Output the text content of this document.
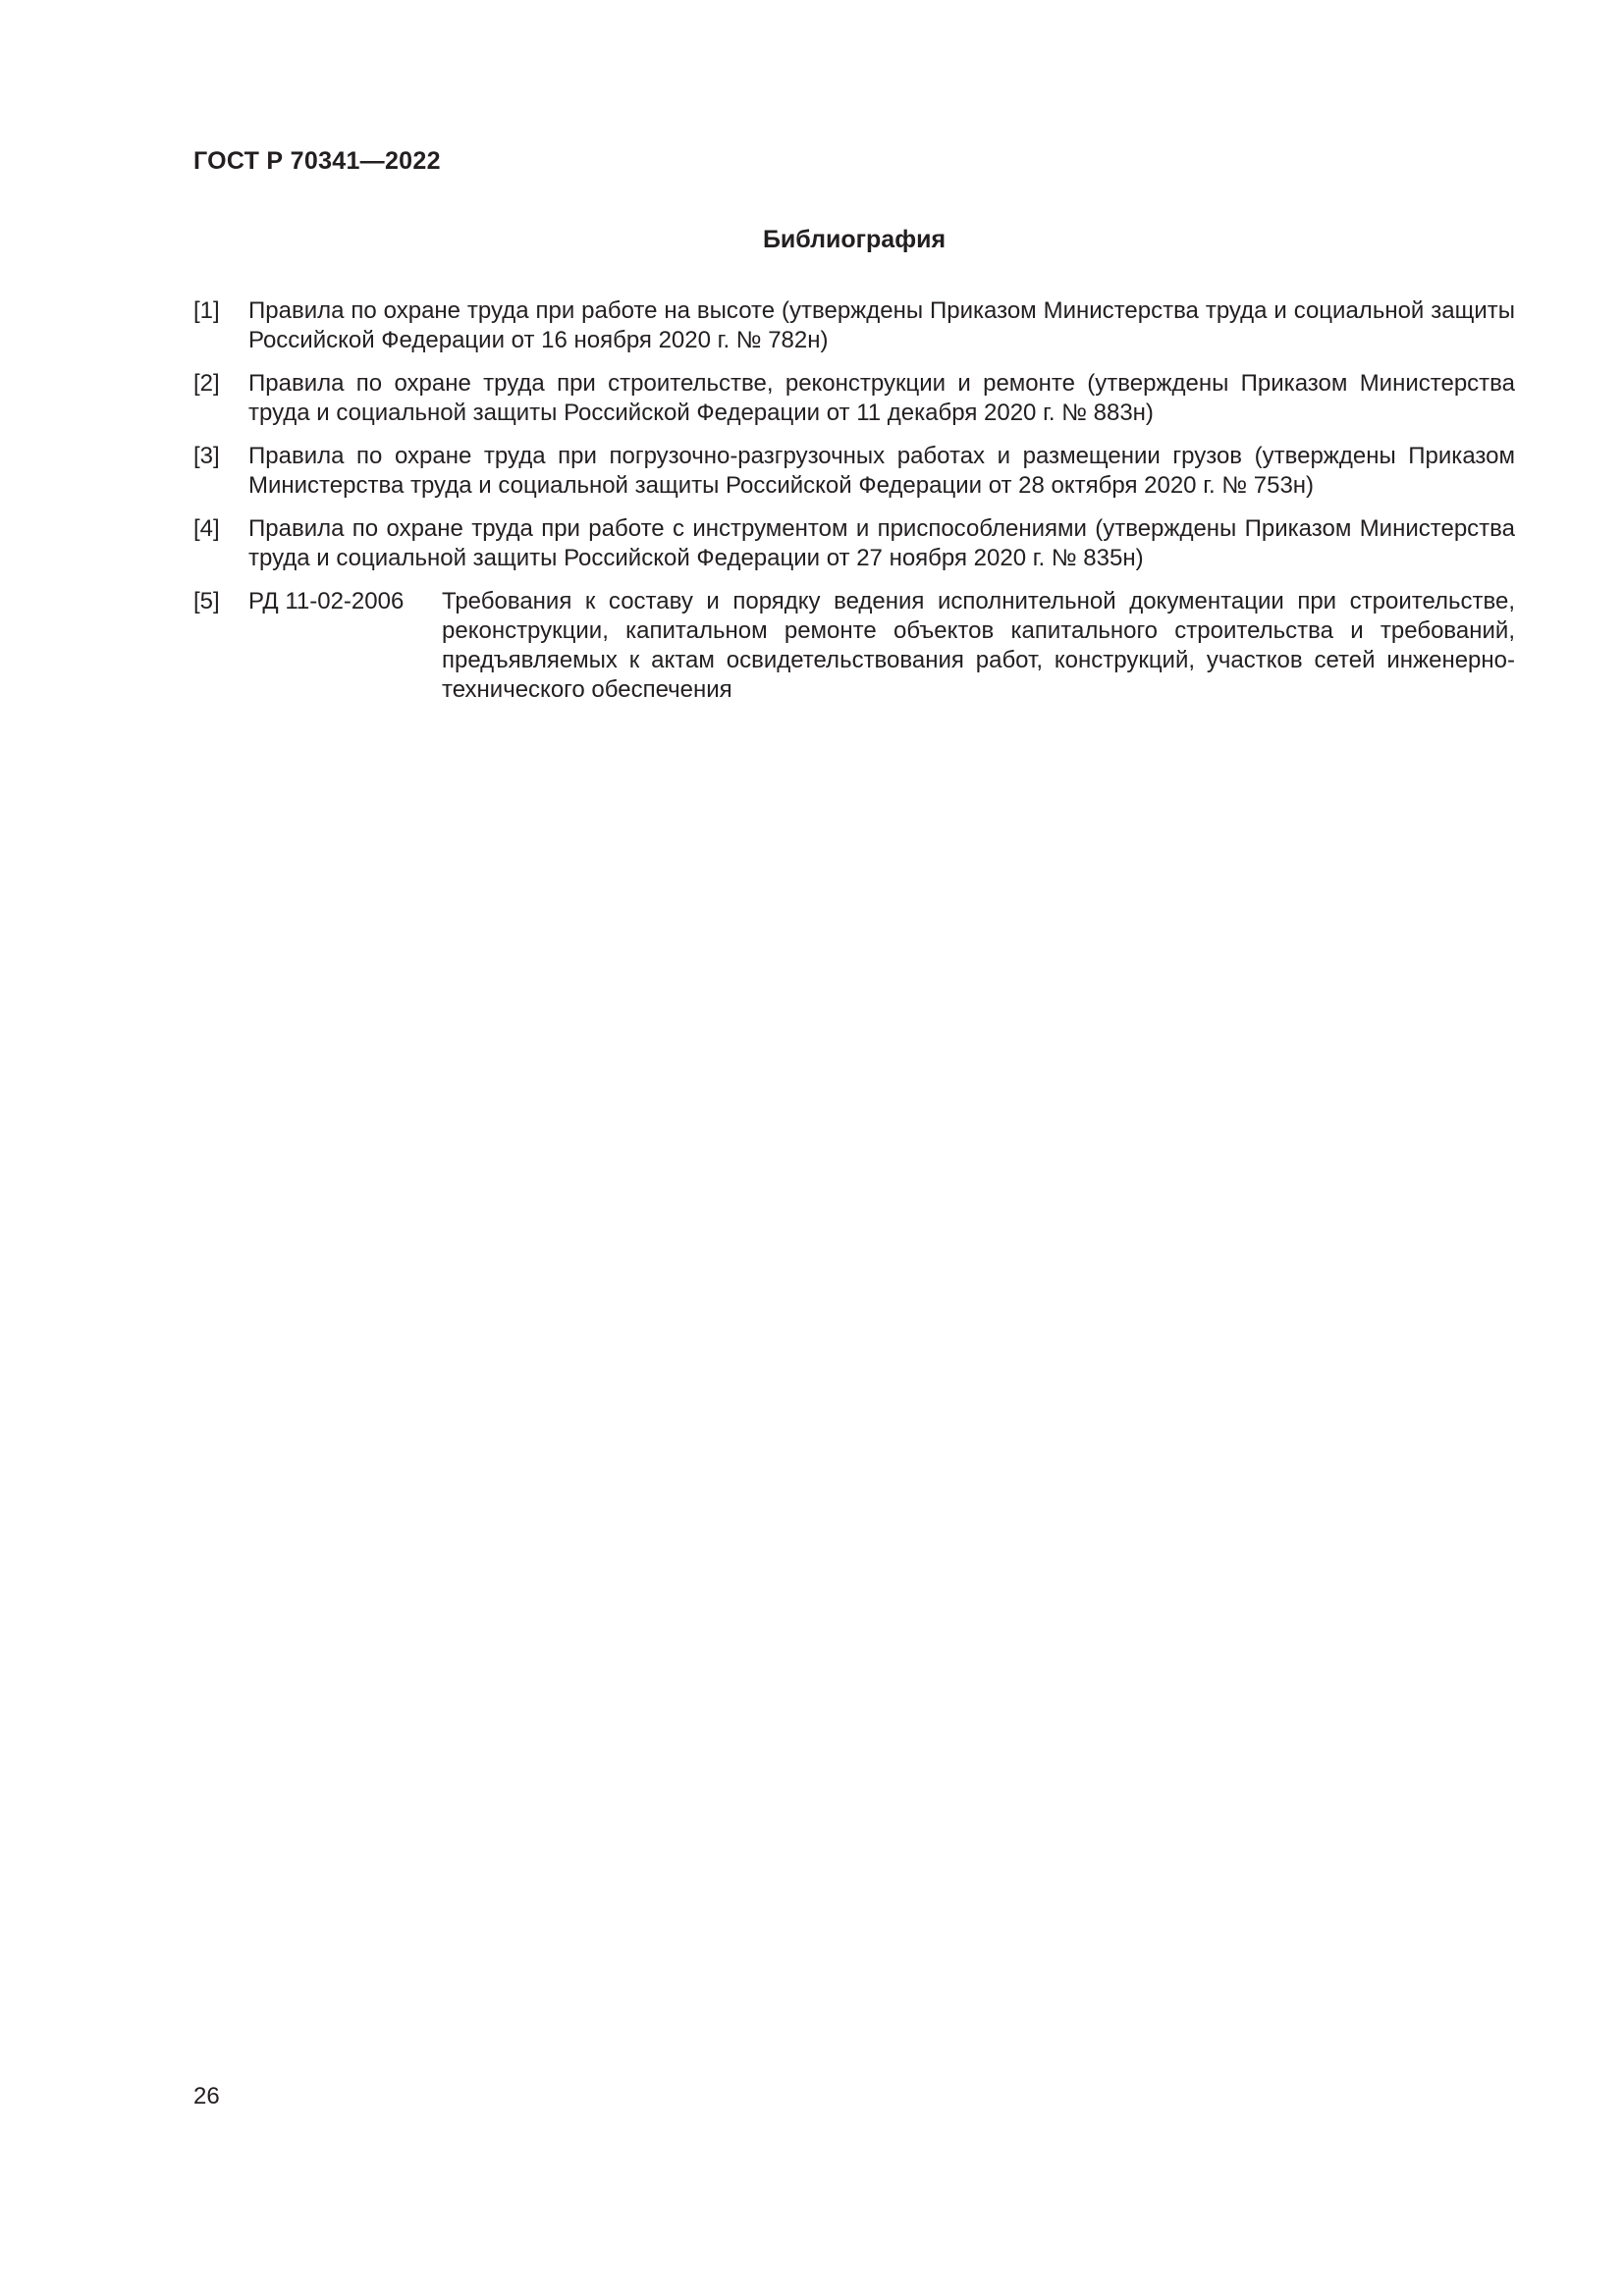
ГОСТ Р 70341—2022
Библиография
[1]	Правила по охране труда при работе на высоте (утверждены Приказом Министерства труда и социальной защиты Российской Федерации от 16 ноября 2020 г. № 782н)
[2]	Правила по охране труда при строительстве, реконструкции и ремонте (утверждены Приказом Министерства труда и социальной защиты Российской Федерации от 11 декабря 2020 г. № 883н)
[3]	Правила по охране труда при погрузочно-разгрузочных работах и размещении грузов (утверждены Приказом Министерства труда и социальной защиты Российской Федерации от 28 октября 2020 г. № 753н)
[4]	Правила по охране труда при работе с инструментом и приспособлениями (утверждены Приказом Министерства труда и социальной защиты Российской Федерации от 27 ноября 2020 г. № 835н)
[5]	РД 11-02-2006	Требования к составу и порядку ведения исполнительной документации при строительстве, реконструкции, капитальном ремонте объектов капитального строительства и требований, предъявляемых к актам освидетельствования работ, конструкций, участков сетей инженерно-технического обеспечения
26
